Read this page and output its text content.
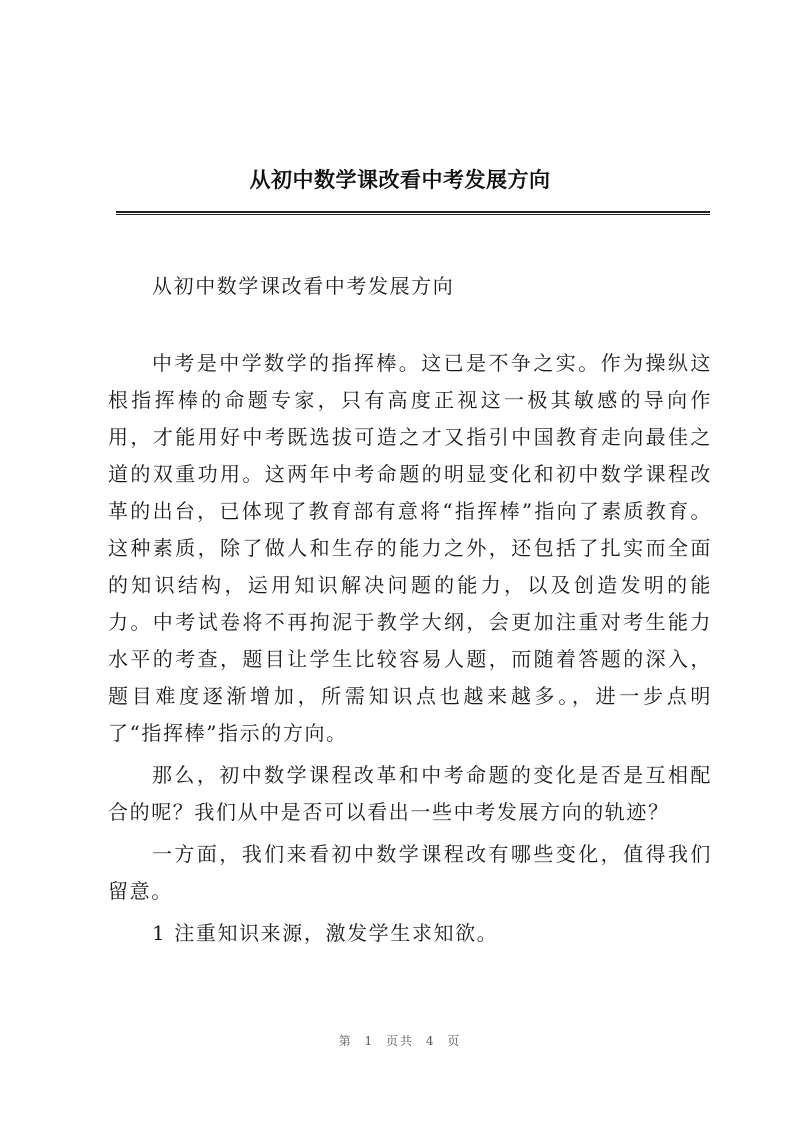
从初中数学课改看中考发展方向

从初中数学课改看中考发展方向

中考是中学数学的指挥棒。这已是不争之实。作为操纵这根指挥棒的命题专家，只有高度正视这一极其敏感的导向作用，才能用好中考既选拔可造之才又指引中国教育走向最佳之道的双重功用。这两年中考命题的明显变化和初中数学课程改革的出台，已体现了教育部有意将“指挥棒”指向了素质教育。这种素质，除了做人和生存的能力之外，还包括了扎实而全面的知识结构，运用知识解决问题的能力，以及创造发明的能力。中考试卷将不再拘泥于教学大纲，会更加注重对考生能力水平的考查，题目让学生比较容易人题，而随着答题的深入，题目难度逐渐增加，所需知识点也越来越多。，进一步点明了“指挥棒”指示的方向。

那么，初中数学课程改革和中考命题的变化是否是互相配合的呢？我们从中是否可以看出一些中考发展方向的轨迹？

一方面，我们来看初中数学课程改有哪些变化，值得我们留意。

1 注重知识来源，激发学生求知欲。

第 1 页共 4 页
